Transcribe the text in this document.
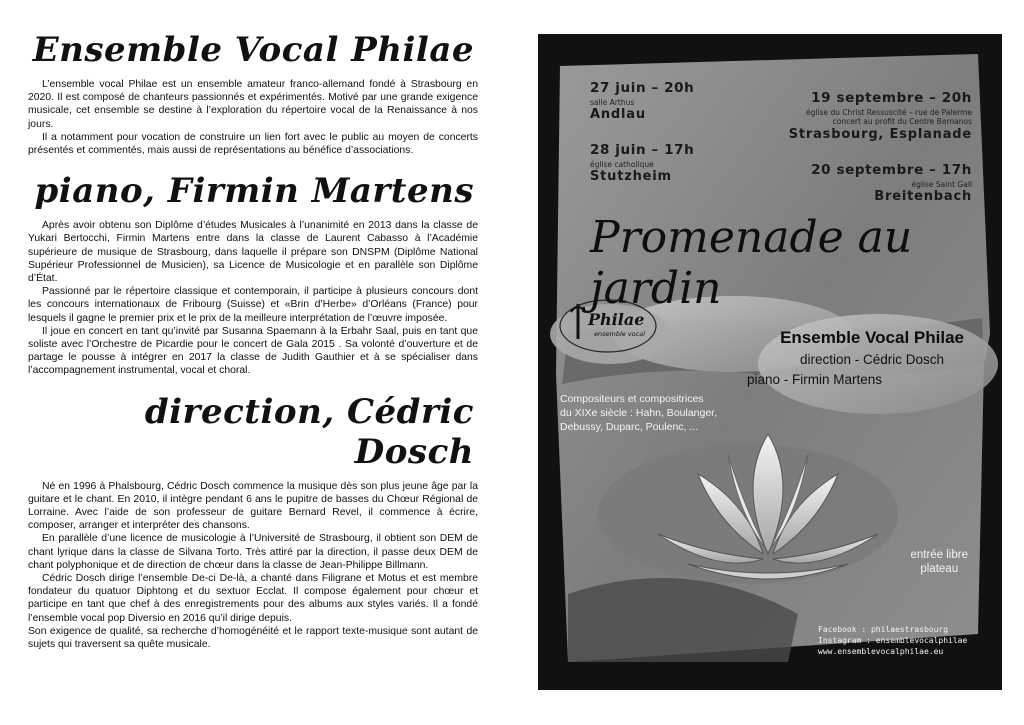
Ensemble Vocal Philae

L’ensemble vocal Philae est un ensemble amateur franco-allemand fondé à Strasbourg en 2020. Il est composé de chanteurs passionnés et expérimentés. Motivé par une grande exigence musicale, cet ensemble se destine à l’exploration du répertoire vocal de la Renaissance à nos jours.

Il a notamment pour vocation de construire un lien fort avec le public au moyen de concerts présentés et commentés, mais aussi de représentations au bénéfice d’associations.

piano, Firmin Martens

Après avoir obtenu son Diplôme d’études Musicales à l’unanimité en 2013 dans la classe de Yukari Bertocchi, Firmin Martens entre dans la classe de Laurent Cabasso à l’Académie supérieure de musique de Strasbourg, dans laquelle il prépare son DNSPM (Diplôme National Supérieur Professionnel de Musicien), sa Licence de Musicologie et en parallèle son Diplôme d’État.

Passionné par le répertoire classique et contemporain, il participe à plusieurs concours dont les concours internationaux de Fribourg (Suisse) et «Brin d’Herbe» d’Orléans (France) pour lesquels il gagne le premier prix et le prix de la meilleure interprétation de l’œuvre imposée.

Il joue en concert en tant qu’invité par Susanna Spaemann à la Erbahr Saal, puis en tant que soliste avec l’Orchestre de Picardie pour le concert de Gala 2015 . Sa volonté d’ouverture et de partage le pousse à intégrer en 2017 la classe de Judith Gauthier et à se spécialiser dans l’accompagnement instrumental, vocal et choral.

direction, Cédric Dosch

Né en 1996 à Phalsbourg, Cédric Dosch commence la musique dès son plus jeune âge par la guitare et le chant. En 2010, il intègre pendant 6 ans le pupitre de basses du Chœur Régional de Lorraine. Avec l’aide de son professeur de guitare Bernard Revel, il commence à écrire, composer, arranger et interpréter des chansons.

En parallèle d’une licence de musicologie à l’Université de Strasbourg, il obtient son DEM de chant lyrique dans la classe de Silvana Torto. Très attiré par la direction, il passe deux DEM de chant polyphonique et de direction de chœur dans la classe de Jean-Philippe Billmann.

Cédric Dosch dirige l’ensemble De-ci De-là, a chanté dans Filigrane et Motus et est membre fondateur du quatuor Diphtong et du sextuor Ecclat. Il compose également pour chœur et participe en tant que chef à des enregistrements pour des albums aux styles variés. Il a fondé l’ensemble vocal pop Diversio en 2016 qu’il dirige depuis.

Son exigence de qualité, sa recherche d’homogénéité et le rapport texte-musique sont autant de sujets qui traversent sa quête musicale.

Philae
ensemble vocal
27 juin – 20h
salle Arthus
Andlau
28 juin – 17h
église catholique
Stutzheim
19 septembre – 20h
église du Christ Ressuscité – rue de Palerme
concert au profit du Centre Bernanos
Strasbourg, Esplanade
20 septembre – 17h
église Saint Gall
Breitenbach
Promenade au jardin
Ensemble Vocal Philae
direction - Cédric Dosch
piano - Firmin Martens
Compositeurs et compositrices
du XIXe siècle : Hahn, Boulanger,
Debussy, Duparc, Poulenc, ...
entrée libre
plateau
Facebook : philaestrasbourg
Instagram : ensemblevocalphilae
www.ensemblevocalphilae.eu
